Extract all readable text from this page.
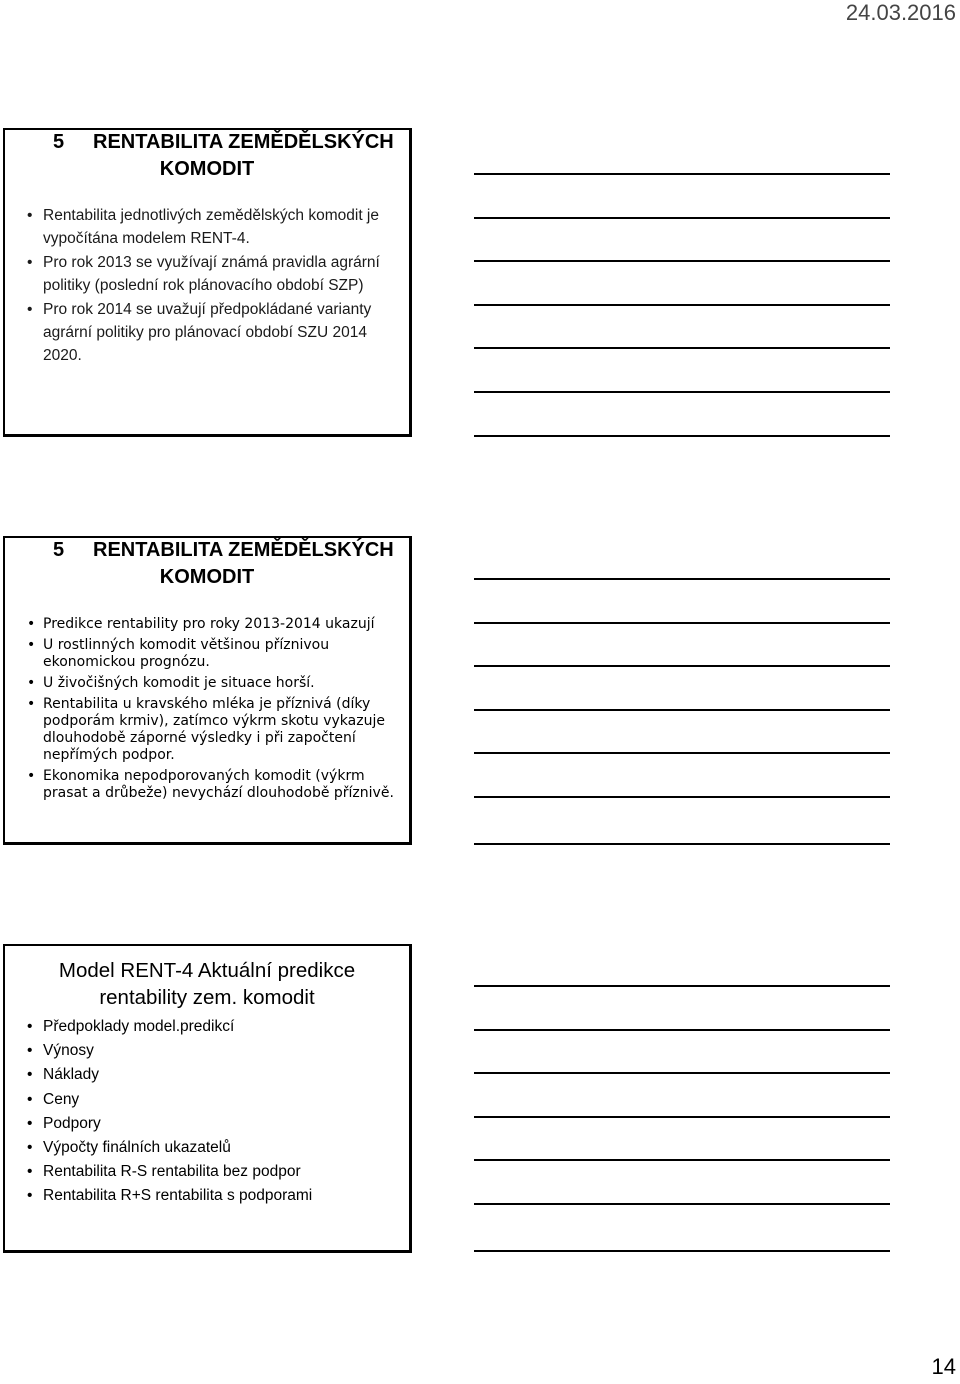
24.03.2016
5 RENTABILITA ZEMĚDĚLSKÝCH
KOMODIT
• Rentabilita jednotlivých zemědělských komodit je vypočítána modelem RENT-4.
• Pro rok 2013 se využívají známá pravidla agrární politiky (poslední rok plánovacího období SZP)
• Pro rok 2014 se uvažují předpokládané varianty agrární politiky pro plánovací období SZU 2014 2020.
5 RENTABILITA ZEMĚDĚLSKÝCH
KOMODIT
• Predikce rentability pro roky 2013-2014 ukazují
• U rostlinných komodit většinou příznivou ekonomickou prognózu.
• U živočišných komodit je situace horší.
• Rentabilita u kravského mléka je příznivá (díky podporám krmiv), zatímco výkrm skotu vykazuje dlouhodobě záporné výsledky i při započtení nepřímých podpor.
• Ekonomika nepodporovaných komodit (výkrm prasat a drůbeže) nevychází dlouhodobě příznivě.
Model RENT-4 Aktuální predikce
rentability zem. komodit
• Předpoklady model.predikcí
• Výnosy
• Náklady
• Ceny
• Podpory
• Výpočty finálních ukazatelů
• Rentabilita R-S rentabilita bez podpor
• Rentabilita R+S rentabilita s podporami
14
